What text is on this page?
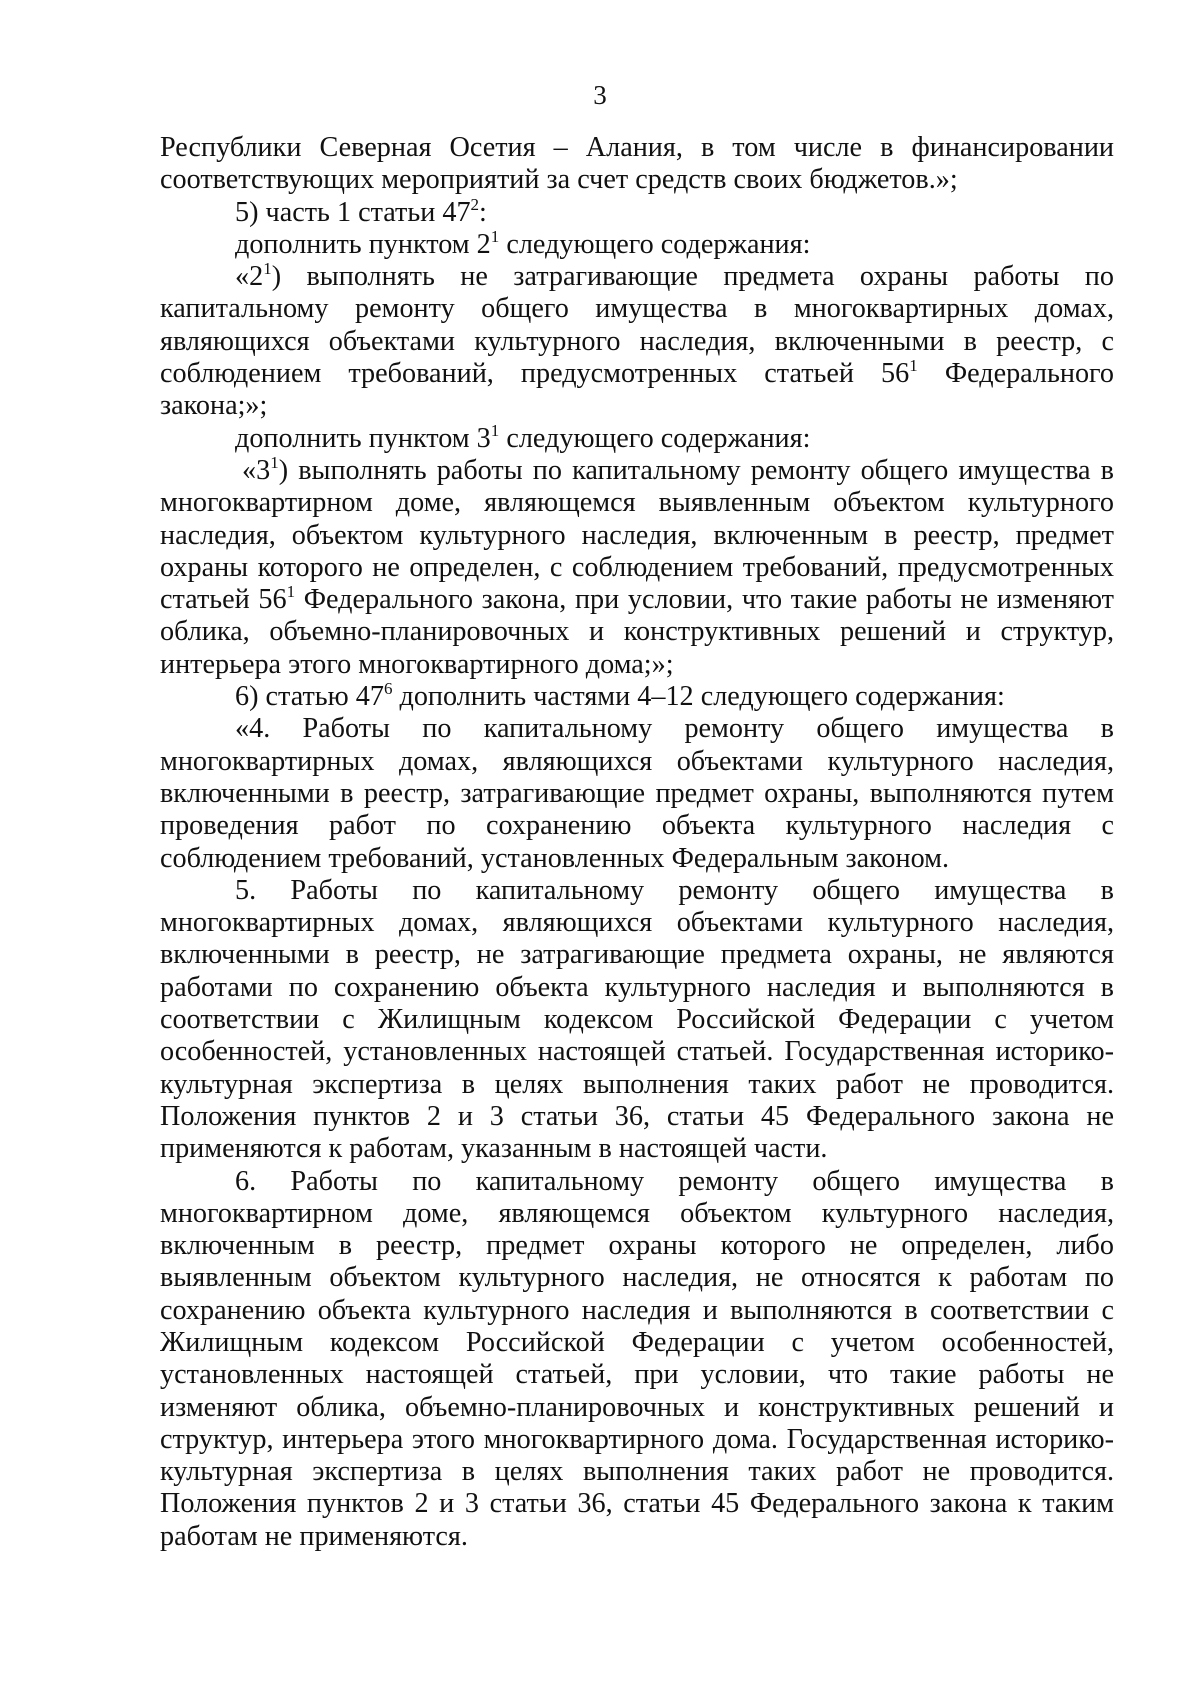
3

Республики Северная Осетия – Алания, в том числе в финансировании соответствующих мероприятий за счет средств своих бюджетов.»;

5) часть 1 статьи $47^2$:

дополнить пунктом $2^1$ следующего содержания:

«$2^1$) выполнять не затрагивающие предмета охраны работы по капитальному ремонту общего имущества в многоквартирных домах, являющихся объектами культурного наследия, включенными в реестр, с соблюдением требований, предусмотренных статьей $56^1$ Федерального закона;»;

дополнить пунктом $3^1$ следующего содержания:

«$3^1$) выполнять работы по капитальному ремонту общего имущества в многоквартирном доме, являющемся выявленным объектом культурного наследия, объектом культурного наследия, включенным в реестр, предмет охраны которого не определен, с соблюдением требований, предусмотренных статьей $56^1$ Федерального закона, при условии, что такие работы не изменяют облика, объемно-планировочных и конструктивных решений и структур, интерьера этого многоквартирного дома;»;

6) статью $47^6$ дополнить частями 4–12 следующего содержания:

«4. Работы по капитальному ремонту общего имущества в многоквартирных домах, являющихся объектами культурного наследия, включенными в реестр, затрагивающие предмет охраны, выполняются путем проведения работ по сохранению объекта культурного наследия с соблюдением требований, установленных Федеральным законом.

5. Работы по капитальному ремонту общего имущества в многоквартирных домах, являющихся объектами культурного наследия, включенными в реестр, не затрагивающие предмета охраны, не являются работами по сохранению объекта культурного наследия и выполняются в соответствии с Жилищным кодексом Российской Федерации с учетом особенностей, установленных настоящей статьей. Государственная историко-культурная экспертиза в целях выполнения таких работ не проводится. Положения пунктов 2 и 3 статьи 36, статьи 45 Федерального закона не применяются к работам, указанным в настоящей части.

6. Работы по капитальному ремонту общего имущества в многоквартирном доме, являющемся объектом культурного наследия, включенным в реестр, предмет охраны которого не определен, либо выявленным объектом культурного наследия, не относятся к работам по сохранению объекта культурного наследия и выполняются в соответствии с Жилищным кодексом Российской Федерации с учетом особенностей, установленных настоящей статьей, при условии, что такие работы не изменяют облика, объемно-планировочных и конструктивных решений и структур, интерьера этого многоквартирного дома. Государственная историко-культурная экспертиза в целях выполнения таких работ не проводится. Положения пунктов 2 и 3 статьи 36, статьи 45 Федерального закона к таким работам не применяются.
